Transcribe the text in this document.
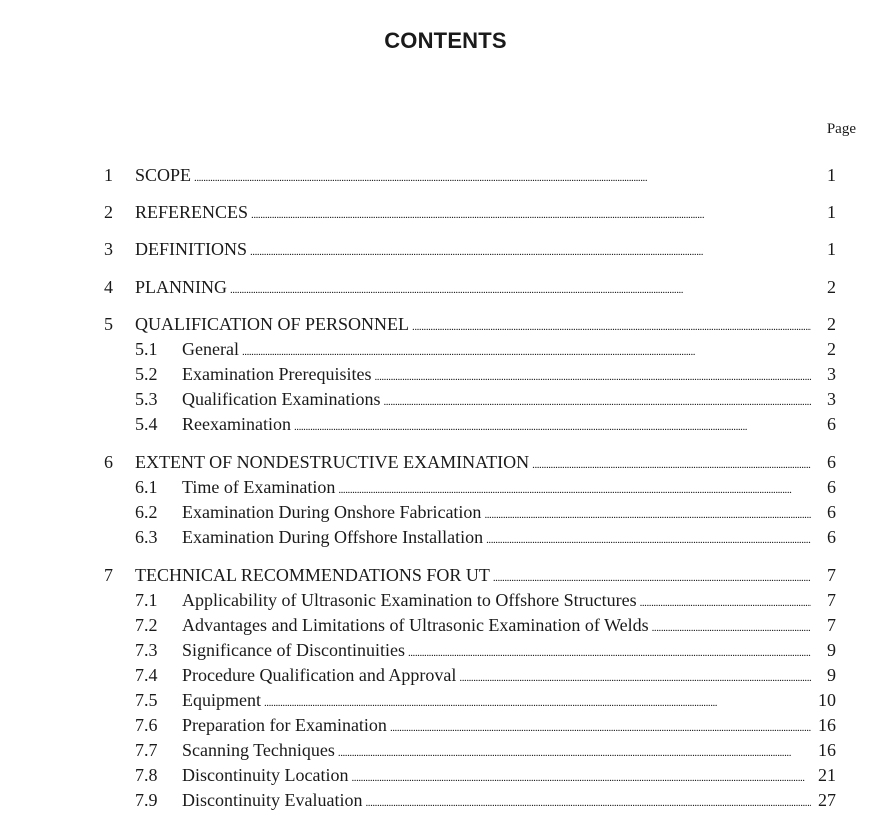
CONTENTS
Page
1	SCOPE . . .	1
2	REFERENCES . . .	1
3	DEFINITIONS . . .	1
4	PLANNING . . .	2
5	QUALIFICATION OF PERSONNEL . . .	2
5.1	General . . .	2
5.2	Examination Prerequisites . . .	3
5.3	Qualification Examinations . . .	3
5.4	Reexamination . . .	6
6	EXTENT OF NONDESTRUCTIVE EXAMINATION . . .	6
6.1	Time of Examination . . .	6
6.2	Examination During Onshore Fabrication . . .	6
6.3	Examination During Offshore Installation . . .	6
7	TECHNICAL RECOMMENDATIONS FOR UT . . .	7
7.1	Applicability of Ultrasonic Examination to Offshore Structures . . .	7
7.2	Advantages and Limitations of Ultrasonic Examination of Welds . . .	7
7.3	Significance of Discontinuities . . .	9
7.4	Procedure Qualification and Approval . . .	9
7.5	Equipment . . .	10
7.6	Preparation for Examination . . .	16
7.7	Scanning Techniques . . .	16
7.8	Discontinuity Location . . .	21
7.9	Discontinuity Evaluation . . .	27
